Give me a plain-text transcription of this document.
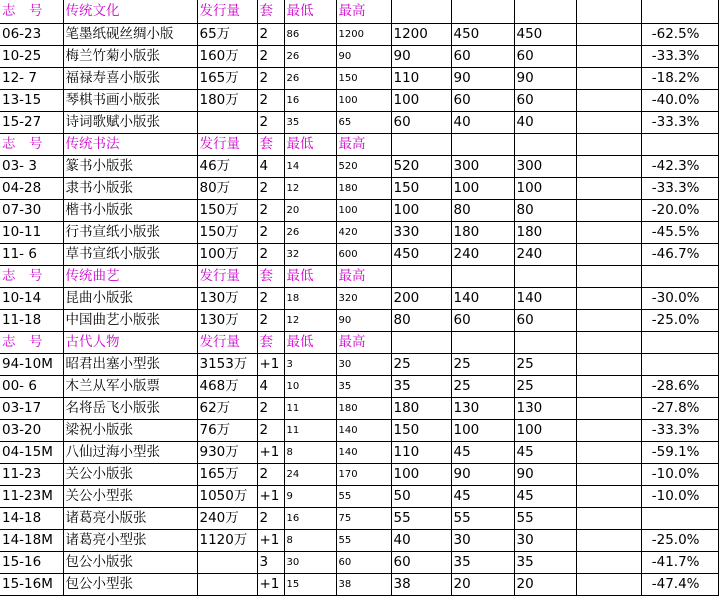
志　号	传统文化	发行量	套	最低	最高					
06-23	笔墨纸砚丝绸小版	65万	2	86	1200	1200	450	450		-62.5%
10-25	梅兰竹菊小版张	160万	2	26	90	90	60	60		-33.3%
12- 7	福禄寿喜小版张	165万	2	26	150	110	90	90		-18.2%
13-15	琴棋书画小版张	180万	2	16	100	100	60	60		-40.0%
15-27	诗词歌赋小版张		2	35	65	60	40	40		-33.3%
志　号	传统书法	发行量	套	最低	最高					
03- 3	篆书小版张	46万	4	14	520	520	300	300		-42.3%
04-28	隶书小版张	80万	2	12	180	150	100	100		-33.3%
07-30	楷书小版张	150万	2	20	100	100	80	80		-20.0%
10-11	行书宣纸小版张	150万	2	26	420	330	180	180		-45.5%
11- 6	草书宣纸小版张	100万	2	32	600	450	240	240		-46.7%
志　号	传统曲艺	发行量	套	最低	最高					
10-14	昆曲小版张	130万	2	18	320	200	140	140		-30.0%
11-18	中国曲艺小版张	130万	2	12	90	80	60	60		-25.0%
志　号	古代人物	发行量	套	最低	最高					
94-10M	昭君出塞小型张	3153万	+1	3	30	25	25	25		
00- 6	木兰从军小版票	468万	4	10	35	35	25	25		-28.6%
03-17	名将岳飞小版张	62万	2	11	180	180	130	130		-27.8%
03-20	梁祝小版张	76万	2	11	140	150	100	100		-33.3%
04-15M	八仙过海小型张	930万	+1	8	140	110	45	45		-59.1%
11-23	关公小版张	165万	2	24	170	100	90	90		-10.0%
11-23M	关公小型张	1050万	+1	9	55	50	45	45		-10.0%
14-18	诸葛亮小版张	240万	2	16	75	55	55	55		
14-18M	诸葛亮小型张	1120万	+1	8	55	40	30	30		-25.0%
15-16	包公小版张		3	30	60	60	35	35		-41.7%
15-16M	包公小型张		+1	15	38	38	20	20		-47.4%
